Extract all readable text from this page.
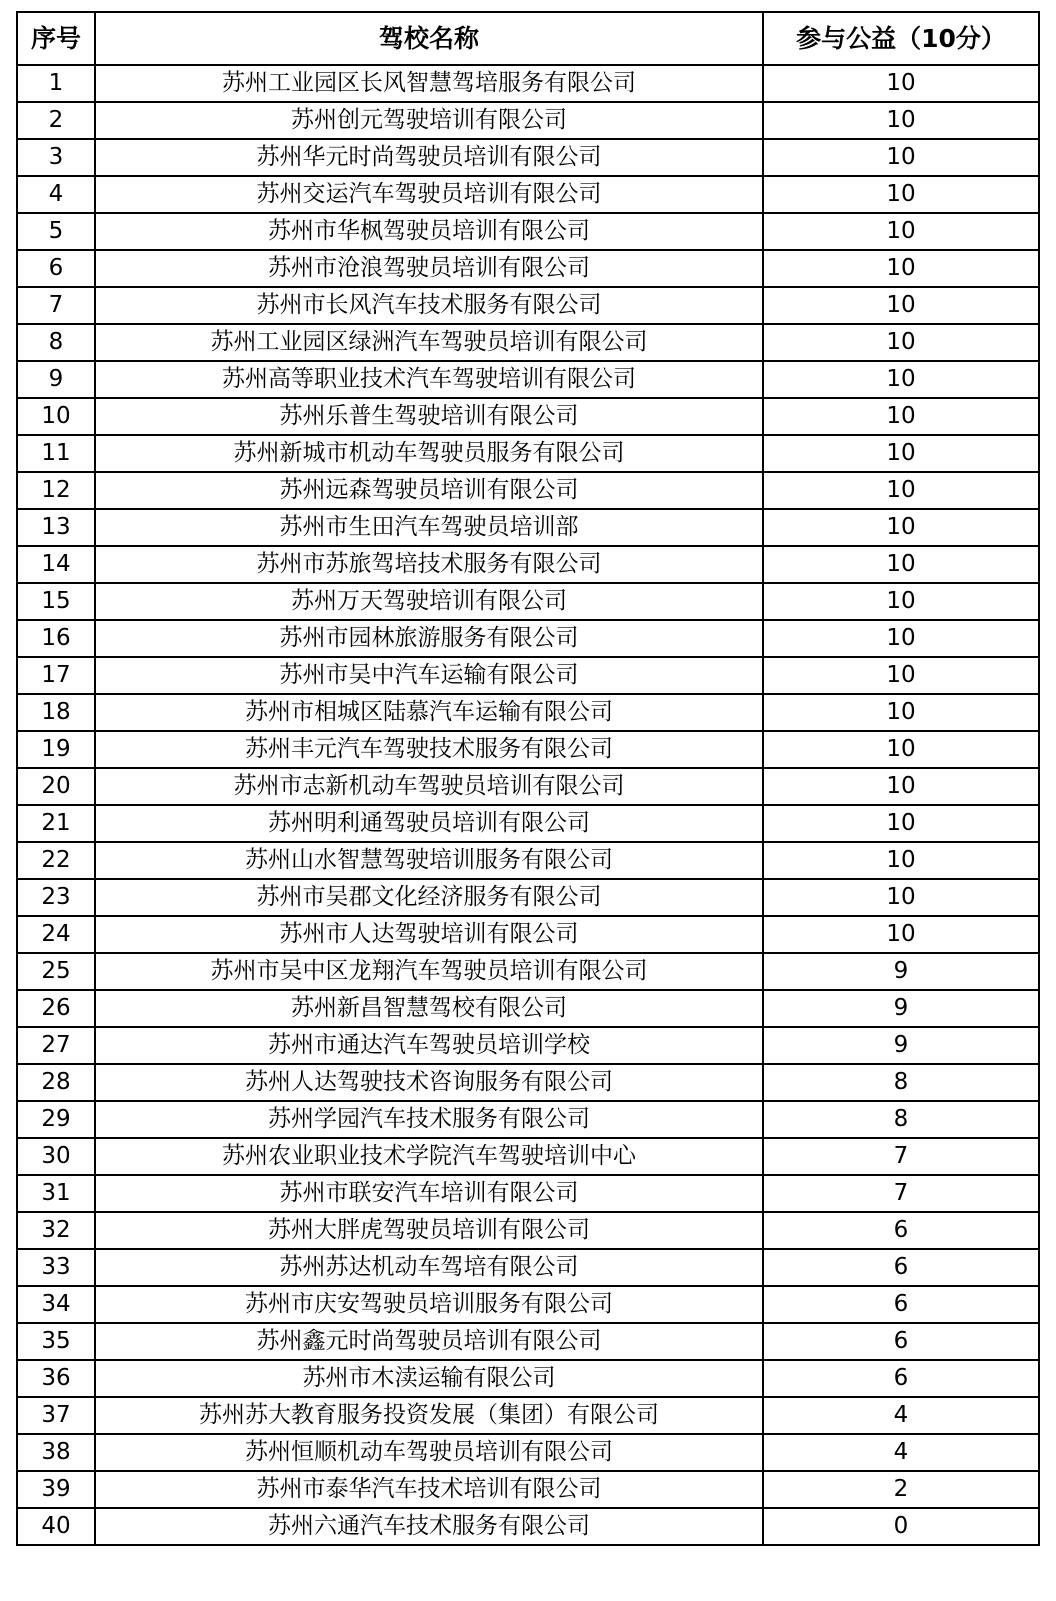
序号	驾校名称	参与公益（10分）
1	苏州工业园区长风智慧驾培服务有限公司	10
2	苏州创元驾驶培训有限公司	10
3	苏州华元时尚驾驶员培训有限公司	10
4	苏州交运汽车驾驶员培训有限公司	10
5	苏州市华枫驾驶员培训有限公司	10
6	苏州市沧浪驾驶员培训有限公司	10
7	苏州市长风汽车技术服务有限公司	10
8	苏州工业园区绿洲汽车驾驶员培训有限公司	10
9	苏州高等职业技术汽车驾驶培训有限公司	10
10	苏州乐普生驾驶培训有限公司	10
11	苏州新城市机动车驾驶员服务有限公司	10
12	苏州远森驾驶员培训有限公司	10
13	苏州市生田汽车驾驶员培训部	10
14	苏州市苏旅驾培技术服务有限公司	10
15	苏州万天驾驶培训有限公司	10
16	苏州市园林旅游服务有限公司	10
17	苏州市吴中汽车运输有限公司	10
18	苏州市相城区陆慕汽车运输有限公司	10
19	苏州丰元汽车驾驶技术服务有限公司	10
20	苏州市志新机动车驾驶员培训有限公司	10
21	苏州明利通驾驶员培训有限公司	10
22	苏州山水智慧驾驶培训服务有限公司	10
23	苏州市吴郡文化经济服务有限公司	10
24	苏州市人达驾驶培训有限公司	10
25	苏州市吴中区龙翔汽车驾驶员培训有限公司	9
26	苏州新昌智慧驾校有限公司	9
27	苏州市通达汽车驾驶员培训学校	9
28	苏州人达驾驶技术咨询服务有限公司	8
29	苏州学园汽车技术服务有限公司	8
30	苏州农业职业技术学院汽车驾驶培训中心	7
31	苏州市联安汽车培训有限公司	7
32	苏州大胖虎驾驶员培训有限公司	6
33	苏州苏达机动车驾培有限公司	6
34	苏州市庆安驾驶员培训服务有限公司	6
35	苏州鑫元时尚驾驶员培训有限公司	6
36	苏州市木渎运输有限公司	6
37	苏州苏大教育服务投资发展（集团）有限公司	4
38	苏州恒顺机动车驾驶员培训有限公司	4
39	苏州市泰华汽车技术培训有限公司	2
40	苏州六通汽车技术服务有限公司	0
